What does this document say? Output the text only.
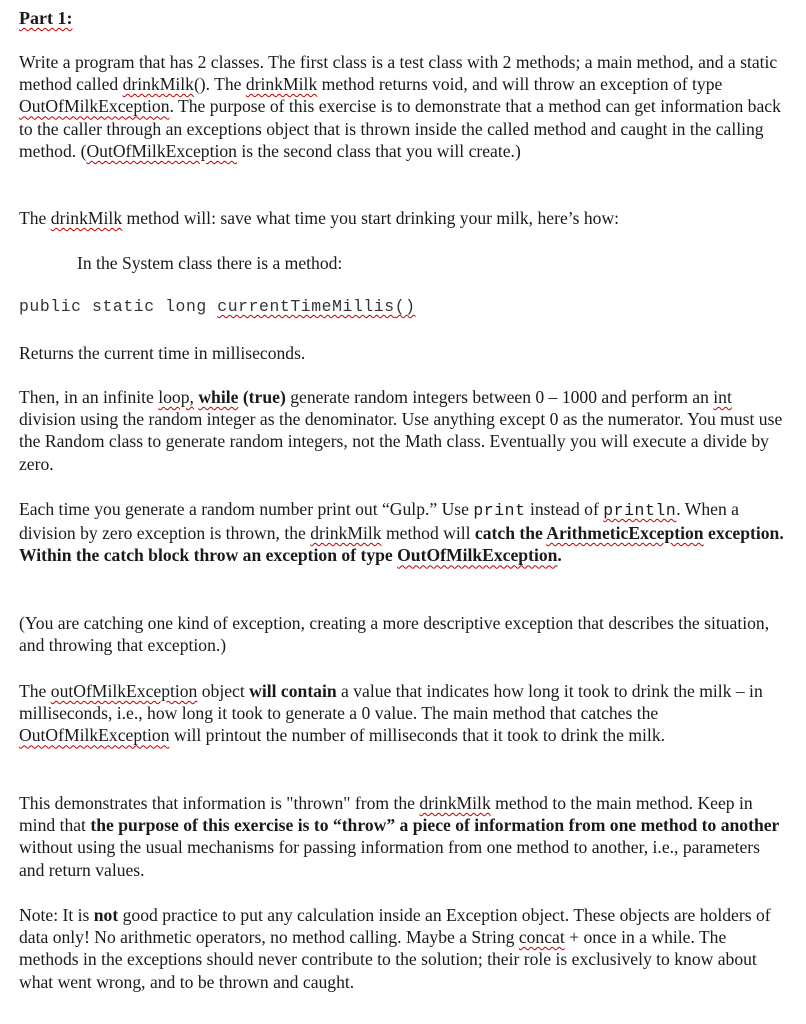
Part 1:

Write a program that has 2 classes. The first class is a test class with 2 methods; a main method, and a static method called drinkMilk(). The drinkMilk method returns void, and will throw an exception of type OutOfMilkException. The purpose of this exercise is to demonstrate that a method can get information back to the caller through an exceptions object that is thrown inside the called method and caught in the calling method. (OutOfMilkException is the second class that you will create.)

The drinkMilk method will: save what time you start drinking your milk, here’s how:

In the System class there is a method:

public static long currentTimeMillis()

Returns the current time in milliseconds.

Then, in an infinite loop, while (true) generate random integers between 0 – 1000 and perform an int division using the random integer as the denominator. Use anything except 0 as the numerator. You must use the Random class to generate random integers, not the Math class. Eventually you will execute a divide by zero.

Each time you generate a random number print out “Gulp.” Use print instead of println. When a division by zero exception is thrown, the drinkMilk method will catch the ArithmeticException exception. Within the catch block throw an exception of type OutOfMilkException.

(You are catching one kind of exception, creating a more descriptive exception that describes the situation, and throwing that exception.)

The outOfMilkException object will contain a value that indicates how long it took to drink the milk – in milliseconds, i.e., how long it took to generate a 0 value. The main method that catches the OutOfMilkException will printout the number of milliseconds that it took to drink the milk.

This demonstrates that information is "thrown" from the drinkMilk method to the main method. Keep in mind that the purpose of this exercise is to “throw” a piece of information from one method to another without using the usual mechanisms for passing information from one method to another, i.e., parameters and return values.

Note: It is not good practice to put any calculation inside an Exception object. These objects are holders of data only! No arithmetic operators, no method calling. Maybe a String concat + once in a while. The methods in the exceptions should never contribute to the solution; their role is exclusively to know about what went wrong, and to be thrown and caught.
